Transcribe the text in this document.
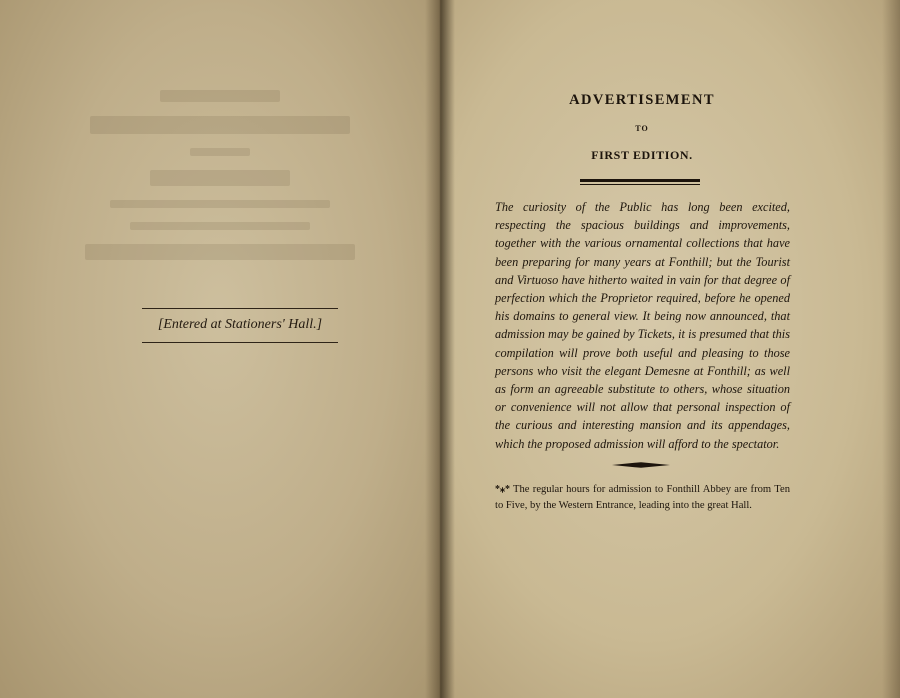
[Entered at Stationers' Hall.]
ADVERTISEMENT
TO
FIRST EDITION.
The curiosity of the Public has long been excited, respecting the spacious buildings and improvements, together with the various ornamental collections that have been preparing for many years at Fonthill; but the Tourist and Virtuoso have hitherto waited in vain for that degree of perfection which the Proprietor required, before he opened his domains to general view. It being now announced, that admission may be gained by Tickets, it is presumed that this compilation will prove both useful and pleasing to those persons who visit the elegant Demesne at Fonthill; as well as form an agreeable substitute to others, whose situation or convenience will not allow that personal inspection of the curious and interesting mansion and its appendages, which the proposed admission will afford to the spectator.
*⁎* The regular hours for admission to Fonthill Abbey are from Ten to Five, by the Western Entrance, leading into the great Hall.
